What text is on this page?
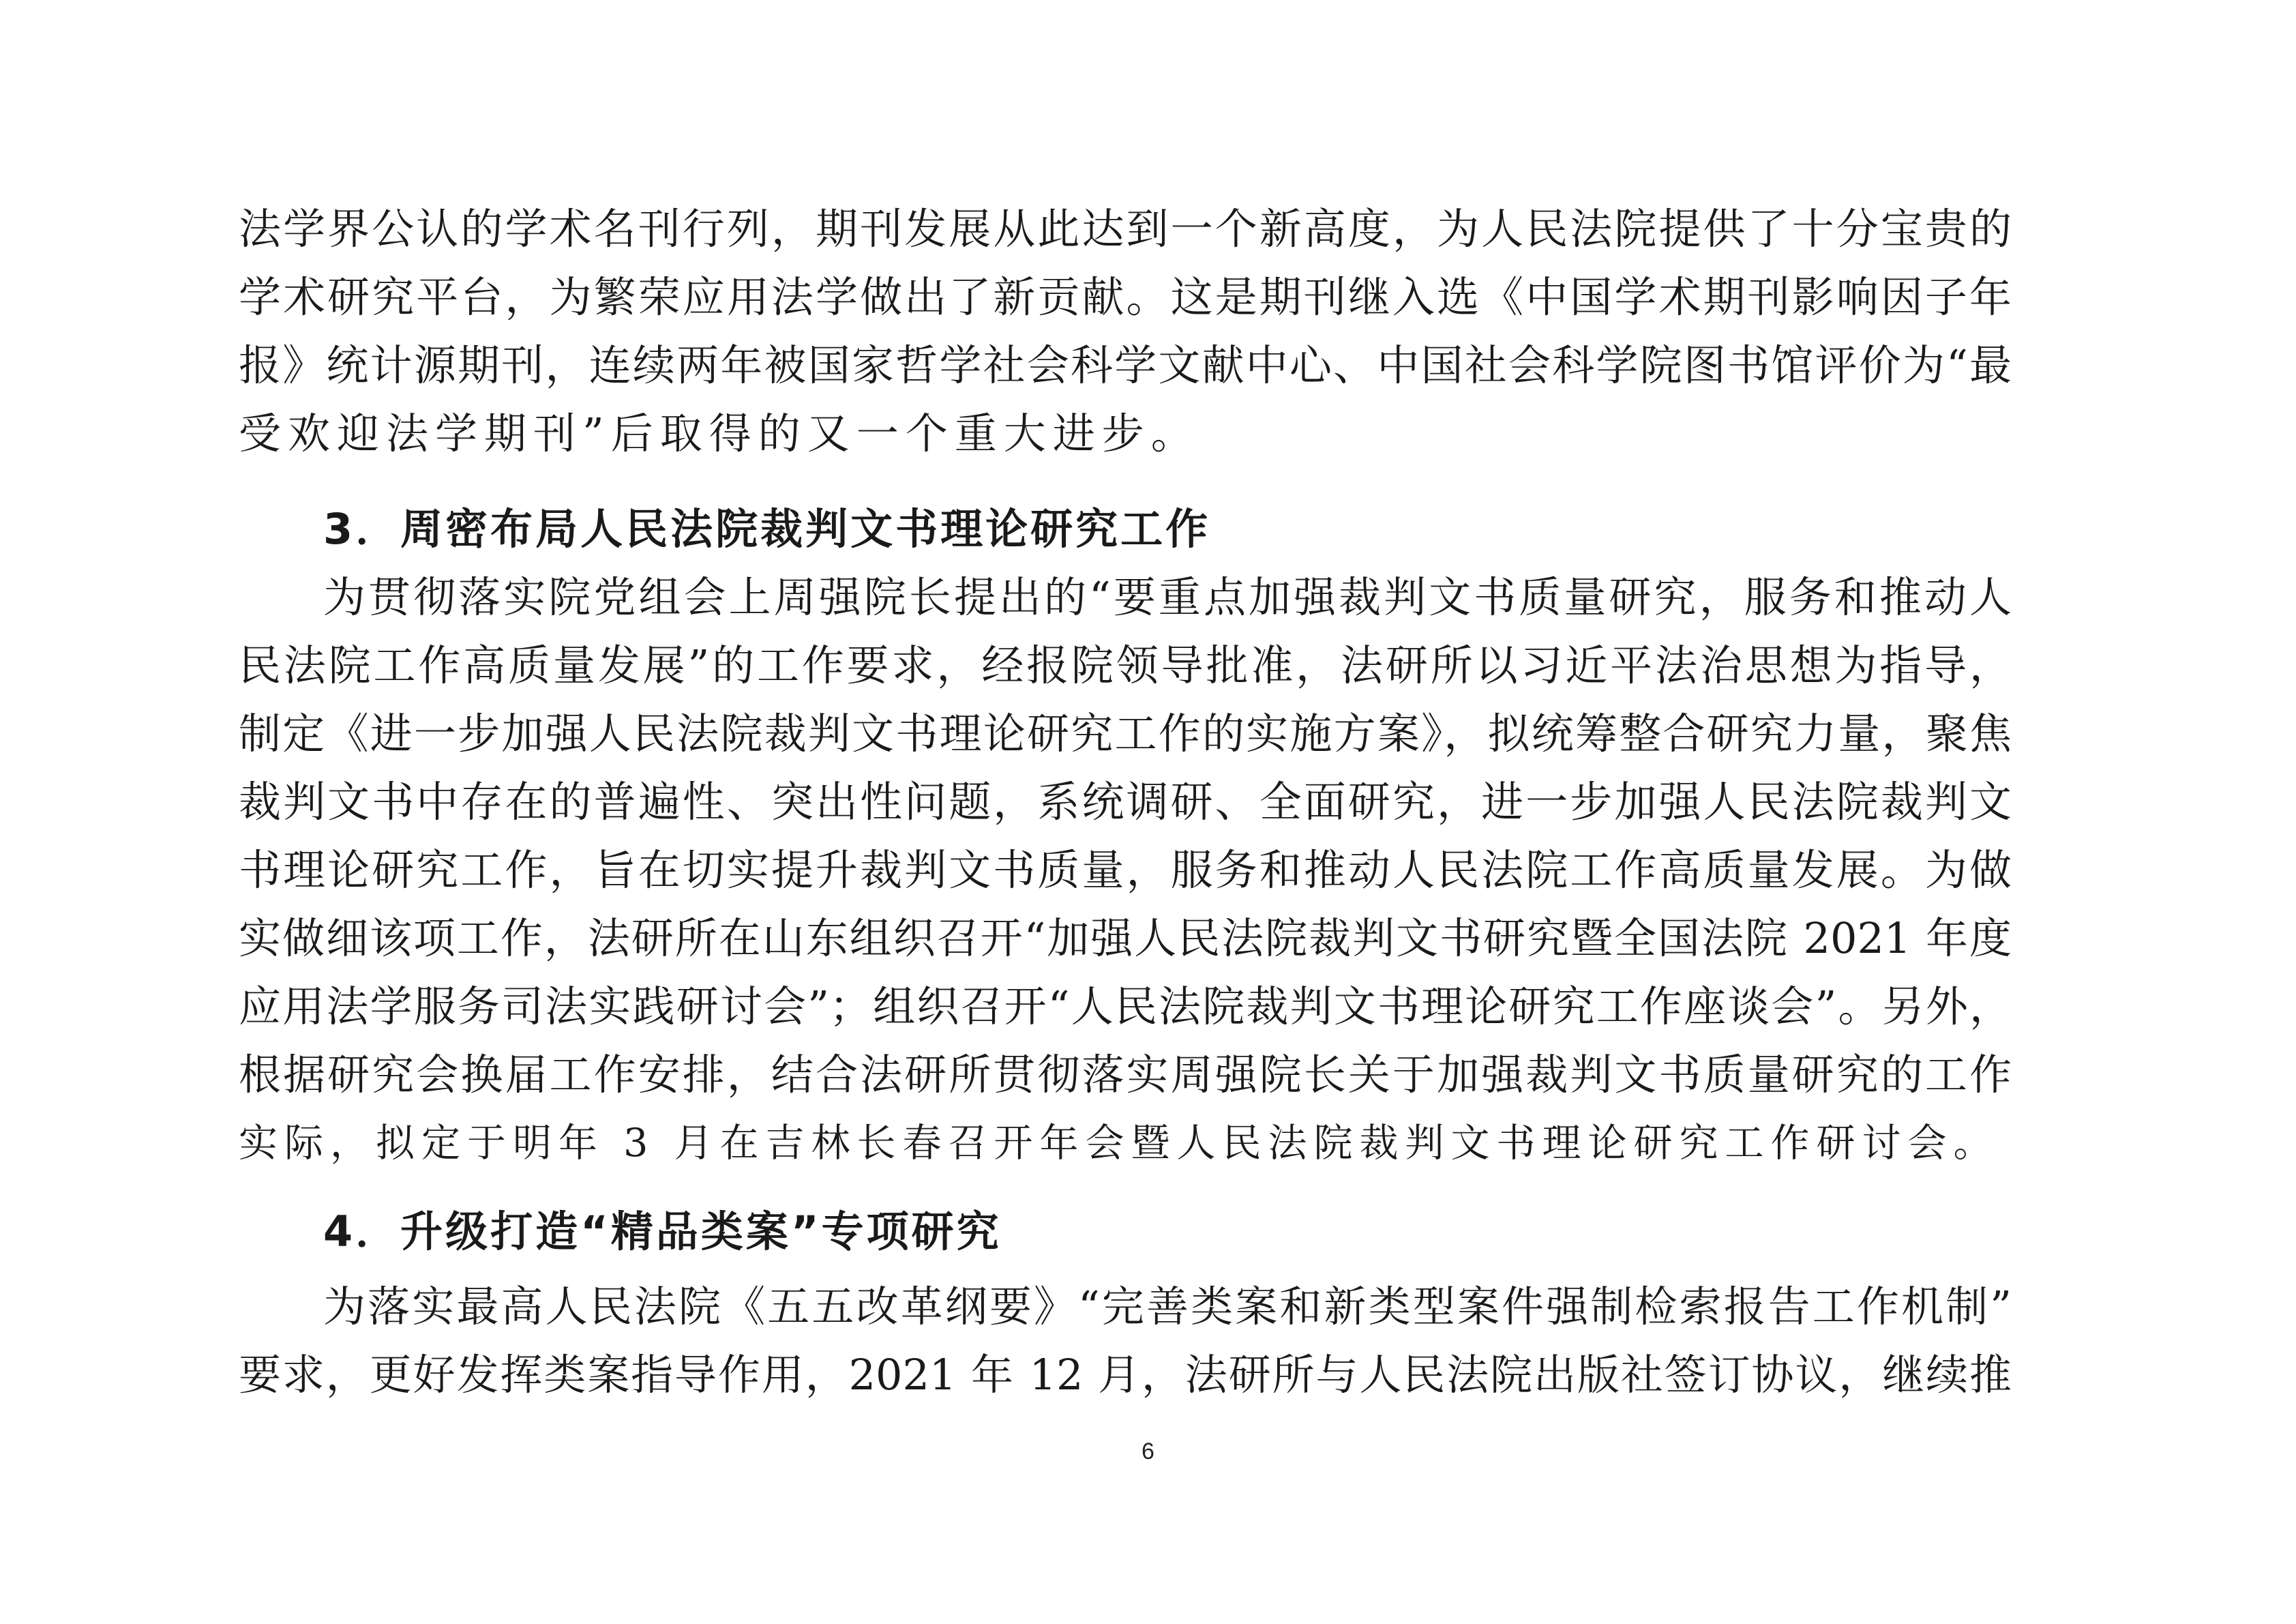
法学界公认的学术名刊行列，期刊发展从此达到一个新高度，为人民法院提供了十分宝贵的
学术研究平台，为繁荣应用法学做出了新贡献。这是期刊继入选《中国学术期刊影响因子年
报》统计源期刊，连续两年被国家哲学社会科学文献中心、中国社会科学院图书馆评价为“最
受欢迎法学期刊”后取得的又一个重大进步。
3．周密布局人民法院裁判文书理论研究工作
为贯彻落实院党组会上周强院长提出的“要重点加强裁判文书质量研究，服务和推动人
民法院工作高质量发展”的工作要求，经报院领导批准，法研所以习近平法治思想为指导，
制定《进一步加强人民法院裁判文书理论研究工作的实施方案》，拟统筹整合研究力量，聚焦
裁判文书中存在的普遍性、突出性问题，系统调研、全面研究，进一步加强人民法院裁判文
书理论研究工作，旨在切实提升裁判文书质量，服务和推动人民法院工作高质量发展。为做
实做细该项工作，法研所在山东组织召开“加强人民法院裁判文书研究暨全国法院 2021 年度
应用法学服务司法实践研讨会”；组织召开“人民法院裁判文书理论研究工作座谈会”。另外，
根据研究会换届工作安排，结合法研所贯彻落实周强院长关于加强裁判文书质量研究的工作
实际，拟定于明年 3 月在吉林长春召开年会暨人民法院裁判文书理论研究工作研讨会。
4．升级打造“精品类案”专项研究
为落实最高人民法院《五五改革纲要》“完善类案和新类型案件强制检索报告工作机制”
要求，更好发挥类案指导作用，2021 年 12 月，法研所与人民法院出版社签订协议，继续推
6
